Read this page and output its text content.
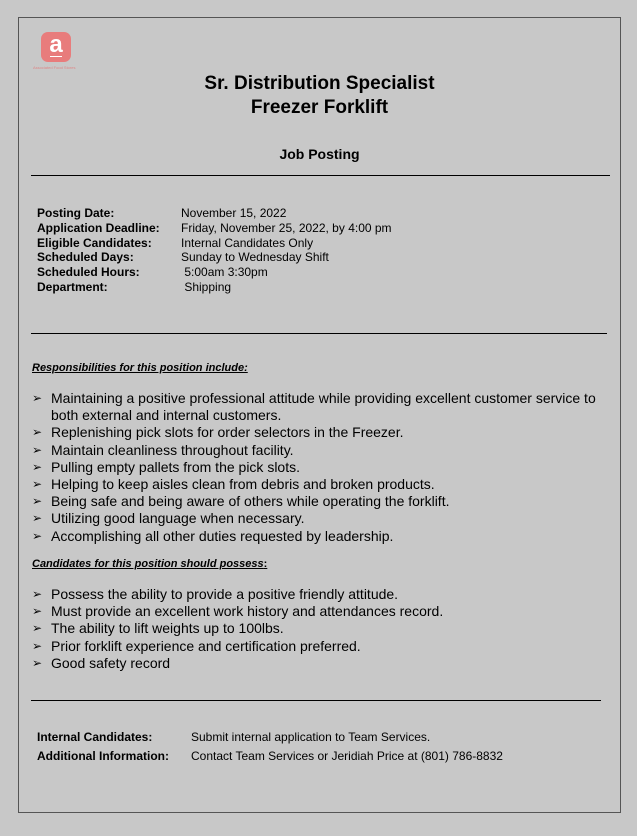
a
Associated Food Stores
Sr. Distribution Specialist
Freezer Forklift
Job Posting
Posting Date:	November 15, 2022
Application Deadline:	Friday, November 25, 2022, by 4:00 pm
Eligible Candidates:	Internal Candidates Only
Scheduled Days:	Sunday to Wednesday Shift
Scheduled Hours:	5:00am 3:30pm
Department:	Shipping
Responsibilities for this position include:
➢ Maintaining a positive professional attitude while providing excellent customer service to both external and internal customers.
➢ Replenishing pick slots for order selectors in the Freezer.
➢ Maintain cleanliness throughout facility.
➢ Pulling empty pallets from the pick slots.
➢ Helping to keep aisles clean from debris and broken products.
➢ Being safe and being aware of others while operating the forklift.
➢ Utilizing good language when necessary.
➢ Accomplishing all other duties requested by leadership.
Candidates for this position should possess:
➢ Possess the ability to provide a positive friendly attitude.
➢ Must provide an excellent work history and attendances record.
➢ The ability to lift weights up to 100lbs.
➢ Prior forklift experience and certification preferred.
➢ Good safety record
Internal Candidates:	Submit internal application to Team Services.
Additional Information:	Contact Team Services or Jeridiah Price at (801) 786-8832
